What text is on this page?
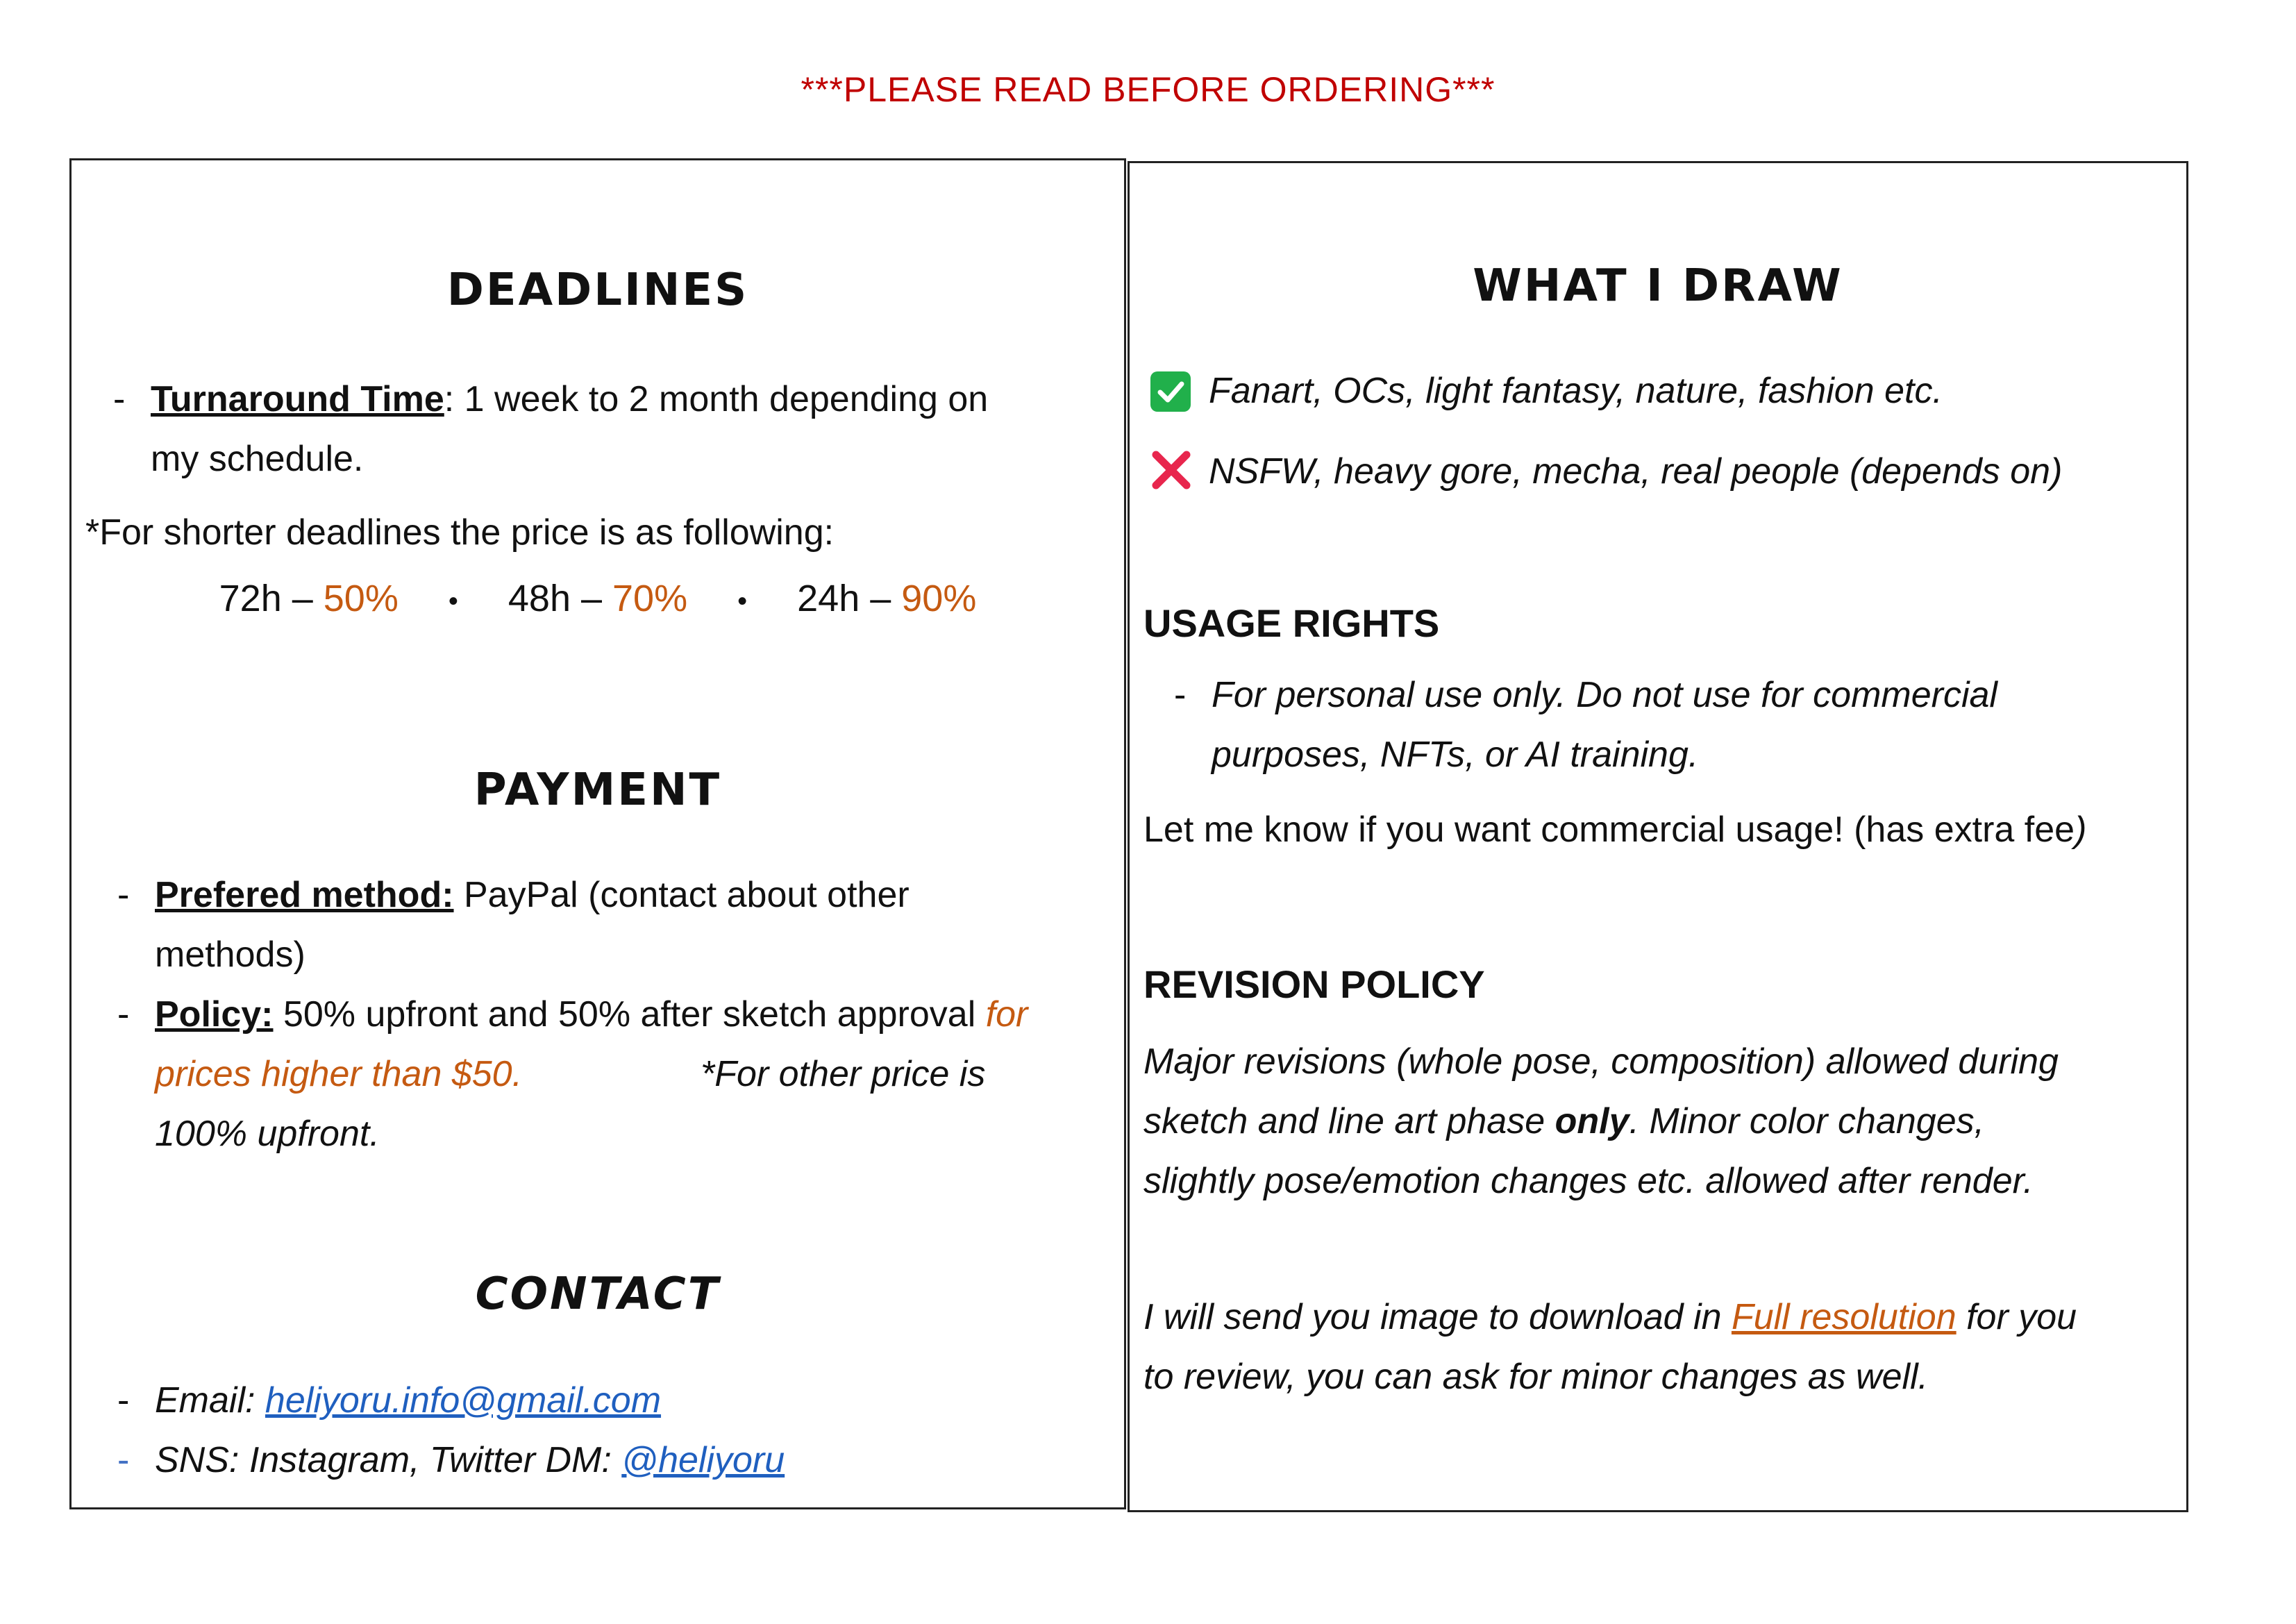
***PLEASE READ BEFORE ORDERING***
DEADLINES
- Turnaround Time: 1 week to 2 month depending on
my schedule.
*For shorter deadlines the price is as following:
72h – 50% • 48h – 70% • 24h – 90%
PAYMENT
- Prefered method: PayPal (contact about other
methods)
- Policy: 50% upfront and 50% after sketch approval for
prices higher than $50.	*For other price is
100% upfront.
CONTACT
- Email: heliyoru.info@gmail.com
- SNS: Instagram, Twitter DM: @heliyoru
WHAT I DRAW
Fanart, OCs, light fantasy, nature, fashion etc.
NSFW, heavy gore, mecha, real people (depends on)
USAGE RIGHTS
- For personal use only. Do not use for commercial
purposes, NFTs, or AI training.
Let me know if you want commercial usage! (has extra fee)
REVISION POLICY
Major revisions (whole pose, composition) allowed during
sketch and line art phase only. Minor color changes,
slightly pose/emotion changes etc. allowed after render.
I will send you image to download in Full resolution for you
to review, you can ask for minor changes as well.
